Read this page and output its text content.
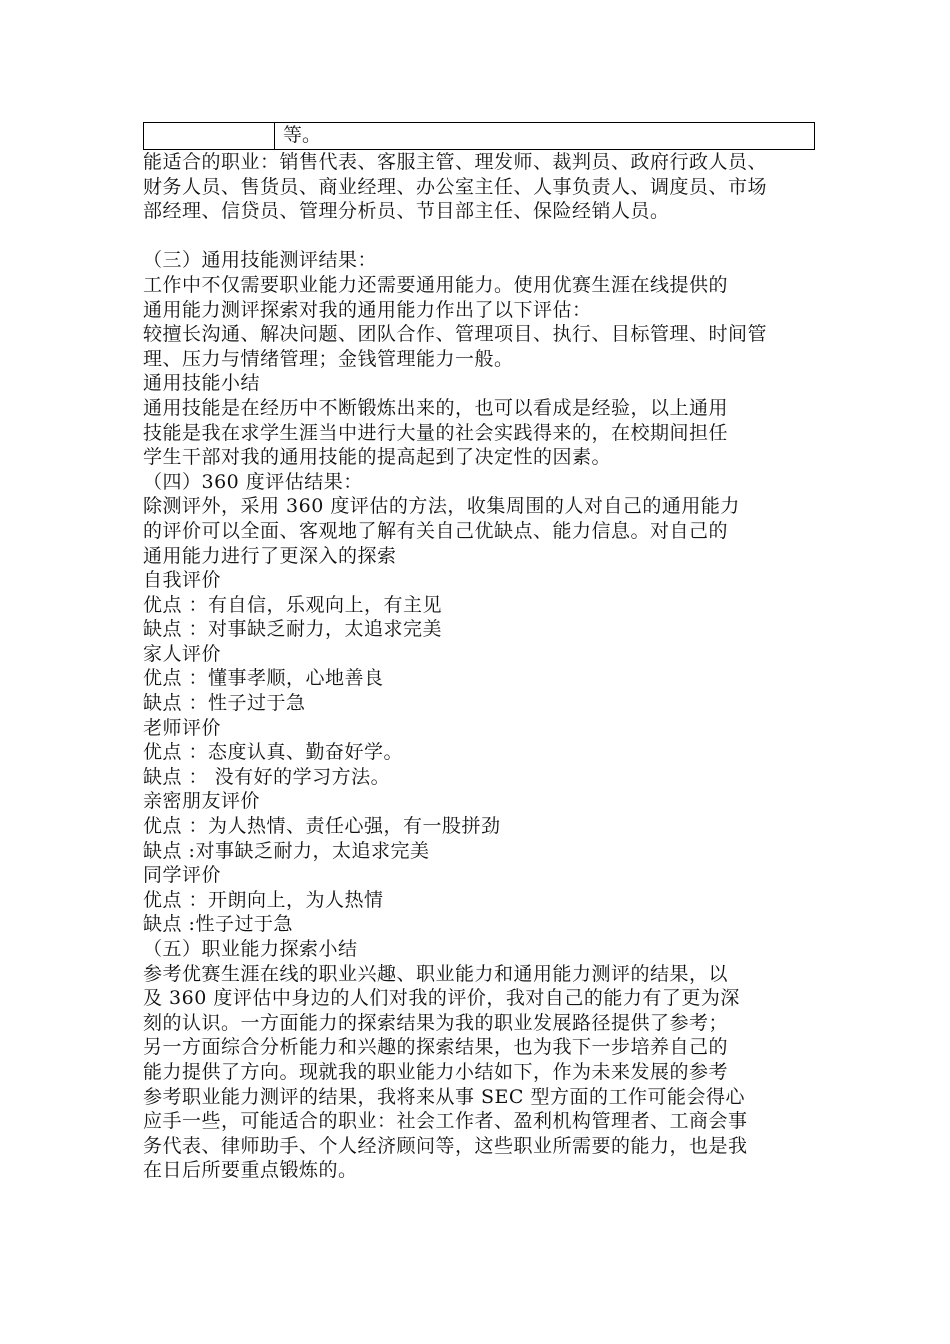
	等。
能适合的职业：销售代表、客服主管、理发师、裁判员、政府行政人员、
财务人员、售货员、商业经理、办公室主任、人事负责人、调度员、市场
部经理、信贷员、管理分析员、节目部主任、保险经销人员。
（三）通用技能测评结果：
工作中不仅需要职业能力还需要通用能力。使用优赛生涯在线提供的
通用能力测评探索对我的通用能力作出了以下评估：
较擅长沟通、解决问题、团队合作、管理项目、执行、目标管理、时间管
理、压力与情绪管理；金钱管理能力一般。
通用技能小结
通用技能是在经历中不断锻炼出来的，也可以看成是经验，以上通用
技能是我在求学生涯当中进行大量的社会实践得来的，在校期间担任
学生干部对我的通用技能的提高起到了决定性的因素。
（四）360 度评估结果：
除测评外，采用 360 度评估的方法，收集周围的人对自己的通用能力
的评价可以全面、客观地了解有关自己优缺点、能力信息。对自己的
通用能力进行了更深入的探索
自我评价
优点 ：有自信，乐观向上，有主见
缺点 ：对事缺乏耐力，太追求完美
家人评价
优点 ：懂事孝顺，心地善良
缺点 ：性子过于急
老师评价
优点 ：态度认真、勤奋好学。
缺点 ： 没有好的学习方法。
亲密朋友评价
优点 ：为人热情、责任心强，有一股拼劲
缺点 :对事缺乏耐力，太追求完美
同学评价
优点 ：开朗向上，为人热情
缺点 :性子过于急
（五）职业能力探索小结
参考优赛生涯在线的职业兴趣、职业能力和通用能力测评的结果，以
及 360 度评估中身边的人们对我的评价，我对自己的能力有了更为深
刻的认识。一方面能力的探索结果为我的职业发展路径提供了参考；
另一方面综合分析能力和兴趣的探索结果，也为我下一步培养自己的
能力提供了方向。现就我的职业能力小结如下，作为未来发展的参考
参考职业能力测评的结果，我将来从事 SEC 型方面的工作可能会得心
应手一些，可能适合的职业：社会工作者、盈利机构管理者、工商会事
务代表、律师助手、个人经济顾问等，这些职业所需要的能力，也是我
在日后所要重点锻炼的。
